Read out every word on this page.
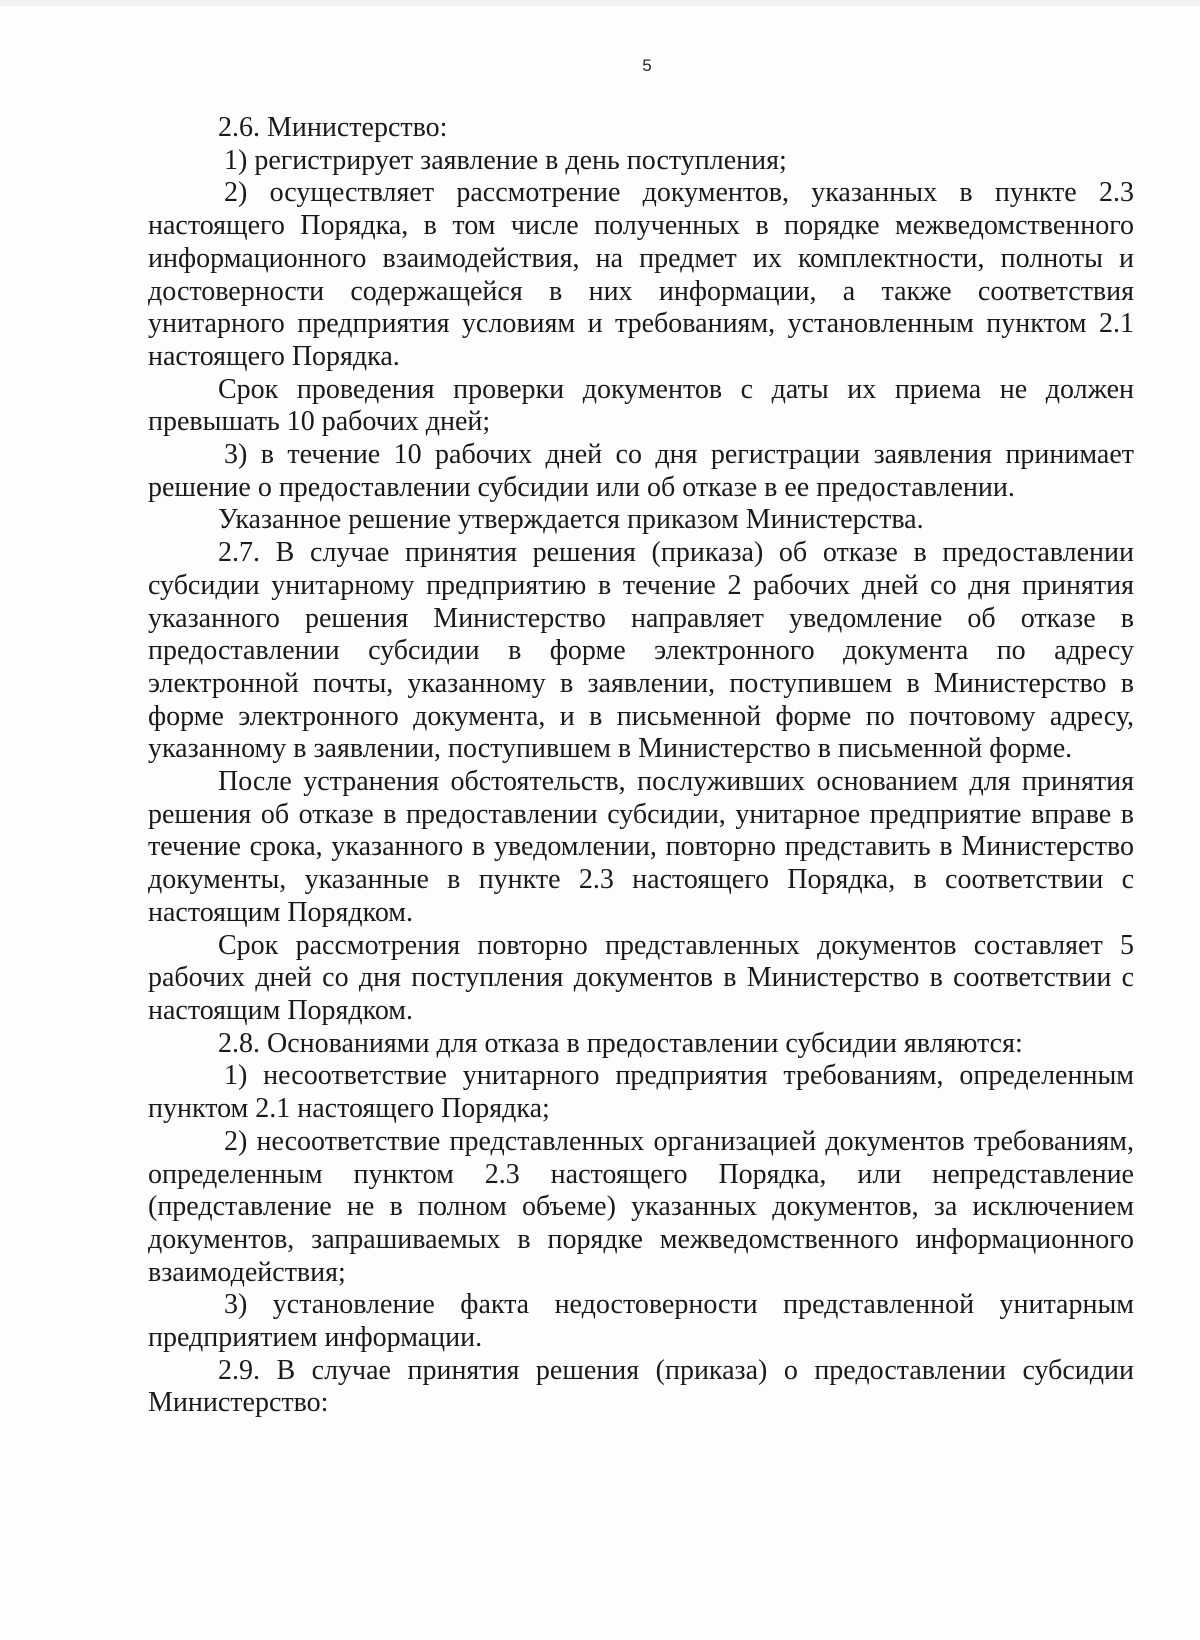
5

2.6. Министерство:

1) регистрирует заявление в день поступления;

2) осуществляет рассмотрение документов, указанных в пункте 2.3 настоящего Порядка, в том числе полученных в порядке межведомственного информационного взаимодействия, на предмет их комплектности, полноты и достоверности содержащейся в них информации, а также соответствия унитарного предприятия условиям и требованиям, установленным пунктом 2.1 настоящего Порядка.

Срок проведения проверки документов с даты их приема не должен превышать 10 рабочих дней;

3) в течение 10 рабочих дней со дня регистрации заявления принимает решение о предоставлении субсидии или об отказе в ее предоставлении.

Указанное решение утверждается приказом Министерства.

2.7. В случае принятия решения (приказа) об отказе в предоставлении субсидии унитарному предприятию в течение 2 рабочих дней со дня принятия указанного решения Министерство направляет уведомление об отказе в предоставлении субсидии в форме электронного документа по адресу электронной почты, указанному в заявлении, поступившем в Министерство в форме электронного документа, и в письменной форме по почтовому адресу, указанному в заявлении, поступившем в Министерство в письменной форме.

После устранения обстоятельств, послуживших основанием для принятия решения об отказе в предоставлении субсидии, унитарное предприятие вправе в течение срока, указанного в уведомлении, повторно представить в Министерство документы, указанные в пункте 2.3 настоящего Порядка, в соответствии с настоящим Порядком.

Срок рассмотрения повторно представленных документов составляет 5 рабочих дней со дня поступления документов в Министерство в соответствии с настоящим Порядком.

2.8. Основаниями для отказа в предоставлении субсидии являются:

1) несоответствие унитарного предприятия требованиям, определенным пунктом 2.1 настоящего Порядка;

2) несоответствие представленных организацией документов требованиям, определенным пунктом 2.3 настоящего Порядка, или непредставление (представление не в полном объеме) указанных документов, за исключением документов, запрашиваемых в порядке межведомственного информационного взаимодействия;

3) установление факта недостоверности представленной унитарным предприятием информации.

2.9. В случае принятия решения (приказа) о предоставлении субсидии Министерство:
